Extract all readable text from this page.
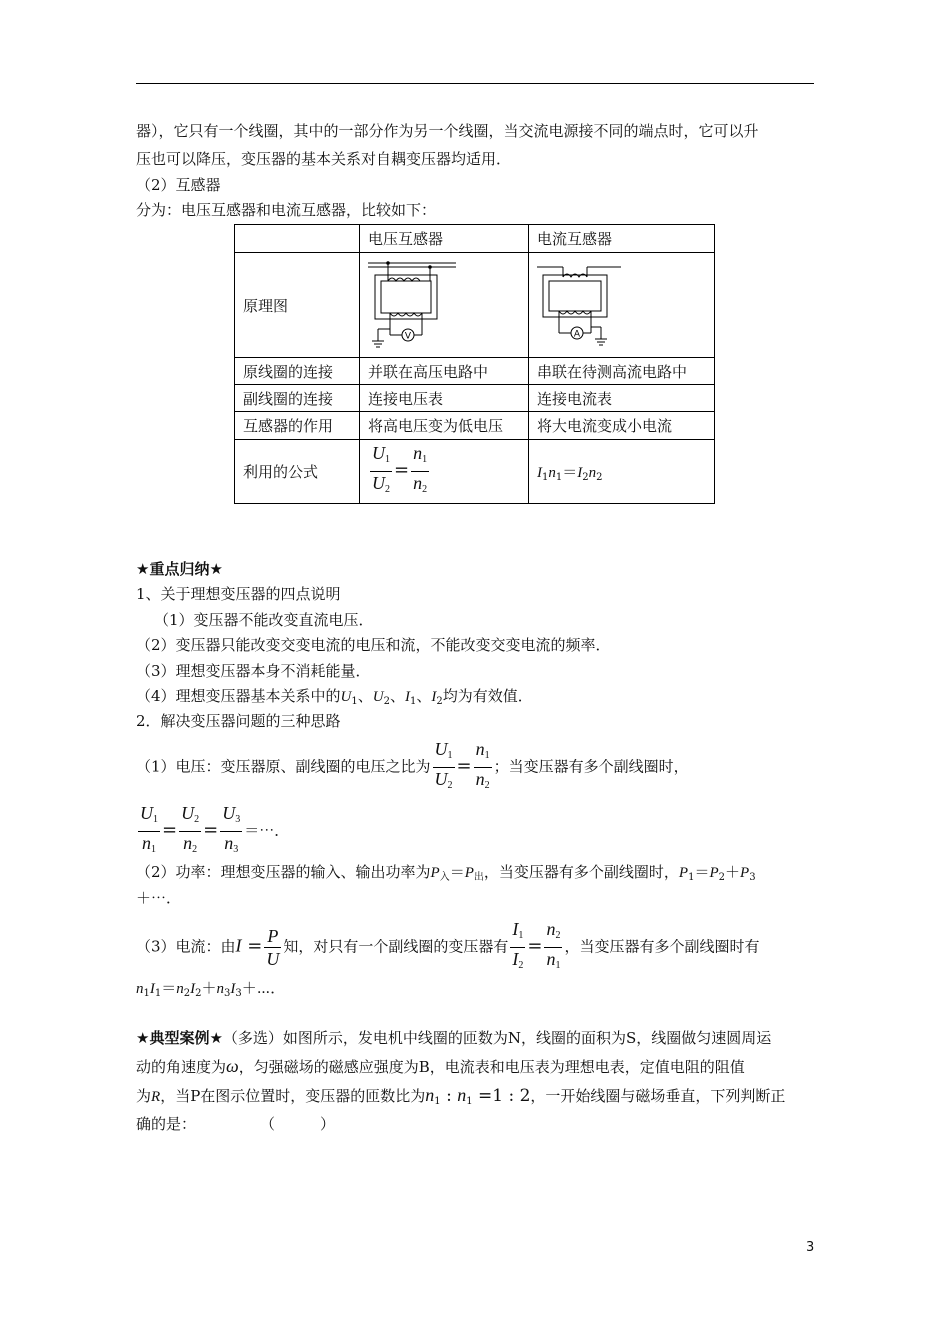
器），它只有一个线圈，其中的一部分作为另一个线圈，当交流电源接不同的端点时，它可以升
压也可以降压，变压器的基本关系对自耦变压器均适用．
（2）互感器
分为：电压互感器和电流互感器，比较如下：
	电压互感器	电流互感器
原理图	V	A

原线圈的连接	并联在高压电路中	串联在待测高流电路中
副线圈的连接	连接电压表	连接电流表
互感器的作用	将高电压变为低电压	将大电流变成小电流
利用的公式	$\frac{U_1}{U_2} = \frac{n_1}{n_2}$	$I_1n_1=I_2n_2$
★重点归纳★
1、关于理想变压器的四点说明
（1）变压器不能改变直流电压．
（2）变压器只能改变交变电流的电压和流，不能改变交变电流的频率．
（3）理想变压器本身不消耗能量．
（4）理想变压器基本关系中的$U_1$、$U_2$、$I_1$、$I_2$均为有效值．
2．解决变压器问题的三种思路
（1）电压：变压器原、副线圈的电压之比为 $\frac{U_1}{U_2} = \frac{n_1}{n_2}$ ；当变压器有多个副线圈时，
$\frac{U_1}{n_1} = \frac{U_2}{n_2} = \frac{U_3}{n_3}$ ＝⋯．
（2）功率：理想变压器的输入、输出功率为$P_入=P_出$，当变压器有多个副线圈时，$P_1=P_2+P_3$
＋⋯．
（3）电流：由$I = \frac{P}{U}$ 知，对只有一个副线圈的变压器有 $\frac{I_1}{I_2} = \frac{n_2}{n_1}$ ，当变压器有多个副线圈时有
$n_1I_1=n_2I_2+n_3I_3+\cdots$．
★典型案例★（多选）如图所示，发电机中线圈的匝数为N，线圈的面积为S，线圈做匀速圆周运
动的角速度为ω，匀强磁场的磁感应强度为B，电流表和电压表为理想电表，定值电阻的阻值
为R，当P在图示位置时，变压器的匝数比为$n_1$ : $n_1 =1$ : 2，一开始线圈与磁场垂直，下列判断正
确的是：	（　　　）
3
